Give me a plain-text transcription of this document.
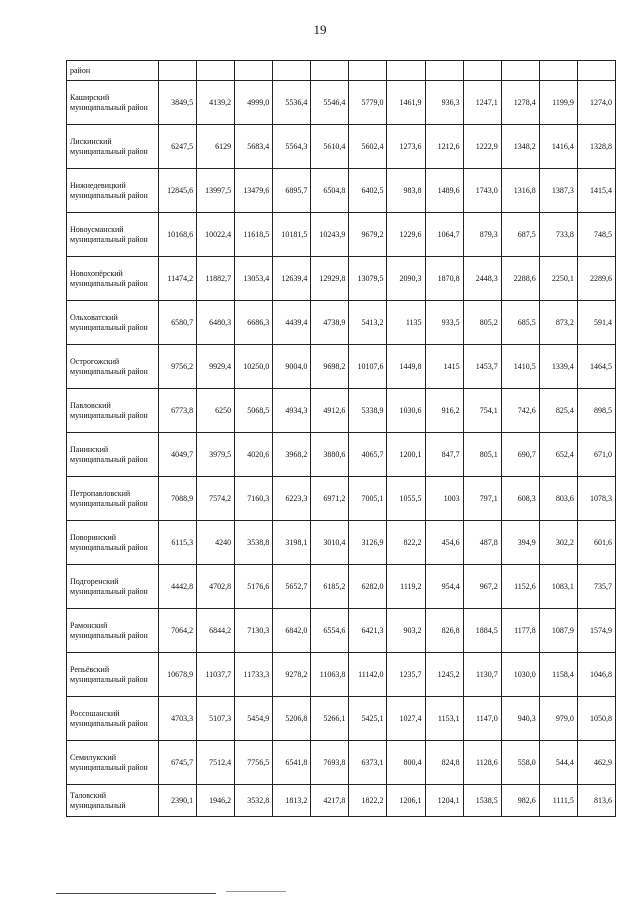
19
район												
Каширский муниципальный район	3849,5	4139,2	4999,0	5536,4	5546,4	5779,0	1461,9	936,3	1247,1	1278,4	1199,9	1274,0
Лискинский муниципальный район	6247,5	6129	5683,4	5564,3	5610,4	5602,4	1273,6	1212,6	1222,9	1348,2	1416,4	1328,8
Нижнедевицкий муниципальный район	12845,6	13997,5	13479,6	6895,7	6504,8	6402,5	983,8	1489,6	1743,0	1316,8	1387,3	1415,4
Новоусманский муниципальный район	10168,6	10022,4	11618,5	10181,5	10243,9	9679,2	1229,6	1064,7	879,3	687,5	733,8	748,5
Новохопёрский муниципальный район	11474,2	11882,7	13053,4	12639,4	12929,8	13079,5	2090,3	1870,8	2448,3	2288,6	2250,1	2289,6
Ольховатский муниципальный район	6580,7	6480,3	6686,3	4439,4	4738,9	5413,2	1135	933,5	805,2	685,5	873,2	591,4
Острогожский муниципальный район	9756,2	9929,4	10250,0	9004,0	9698,2	10107,6	1449,8	1415	1453,7	1410,5	1339,4	1464,5
Павловский муниципальный район	6773,8	6250	5068,5	4934,3	4912,6	5338,9	1030,6	916,2	754,1	742,6	825,4	898,5
Панинский муниципальный район	4049,7	3979,5	4020,6	3968,2	3880,6	4065,7	1200,1	847,7	805,1	690,7	652,4	671,0
Петропавловский муниципальный район	7088,9	7574,2	7160,3	6223,3	6971,2	7005,1	1055,5	1003	797,1	608,3	803,6	1078,3
Поворинский муниципальный район	6115,3	4240	3538,8	3198,1	3010,4	3126,9	822,2	454,6	487,8	394,9	302,2	601,6
Подгоренский муниципальный район	4442,8	4702,8	5176,6	5652,7	6185,2	6282,0	1119,2	954,4	967,2	1152,6	1083,1	735,7
Рамонский муниципальный район	7064,2	6844,2	7130,3	6842,0	6554,6	6421,3	903,2	826,8	1884,5	1177,8	1087,9	1574,9
Репьёвский муниципальный район	10678,9	11037,7	11733,3	9278,2	11063,8	11142,0	1235,7	1245,2	1130,7	1030,0	1158,4	1046,8
Россошанский муниципальный район	4703,3	5107,3	5454,9	5206,8	5266,1	5425,1	1027,4	1153,1	1147,0	940,3	979,0	1050,8
Семилукский муниципальный район	6745,7	7512,4	7756,5	6541,8	7693,8	6373,1	800,4	824,8	1128,6	558,0	544,4	462,9
Таловский муниципальный	2390,1	1946,2	3532,8	1813,2	4217,8	1822,2	1206,1	1204,1	1538,5	982,6	1111,5	813,6
